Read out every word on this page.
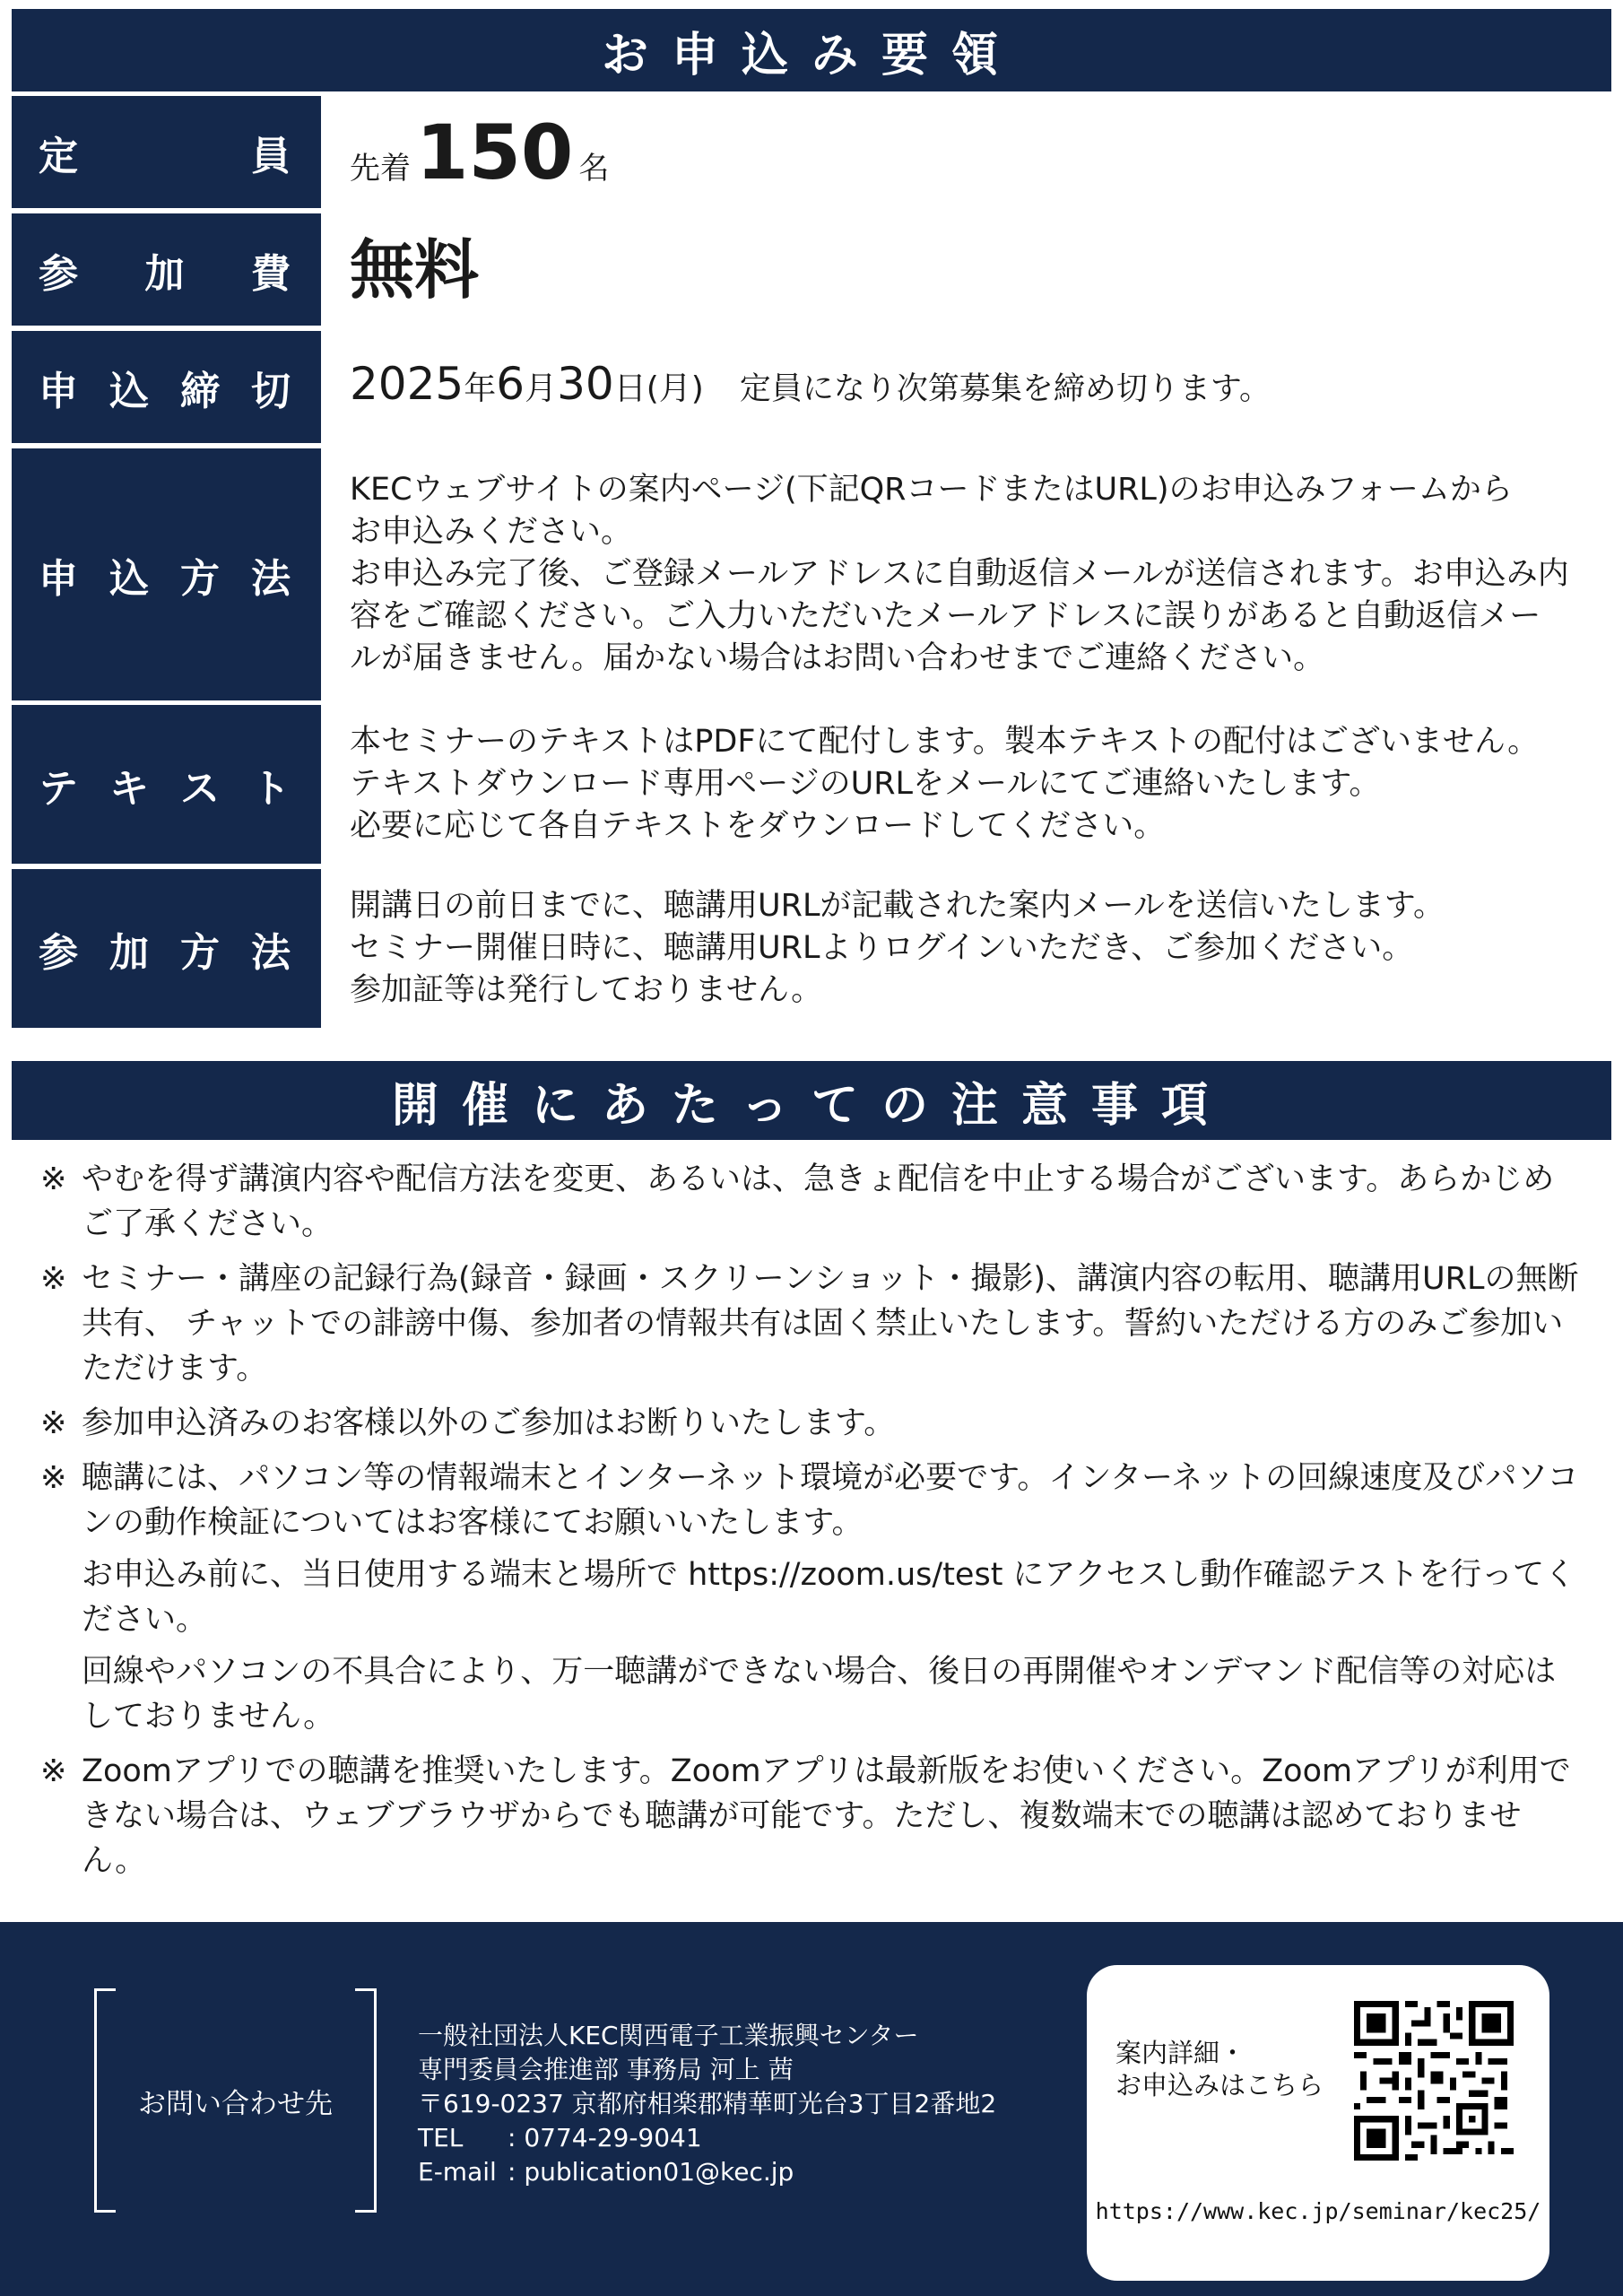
お申込み要領
定	員 先着 150 名
参 加 費 無料
申 込 締 切 2025 年 6 月 30 日(月) 定員になり次第募集を締め切ります。
申 込 方 法
KECウェブサイトの案内ページ(下記QRコードまたはURL)のお申込みフォームから
お申込みください。
お申込み完了後、ご登録メールアドレスに自動返信メールが送信されます。お申込み内
容をご確認ください。ご入力いただいたメールアドレスに誤りがあると自動返信メー
ルが届きません。届かない場合はお問い合わせまでご連絡ください。
テ キ ス ト
本セミナーのテキストはPDFにて配付します。製本テキストの配付はございません。
テキストダウンロード専用ページのURLをメールにてご連絡いたします。
必要に応じて各自テキストをダウンロードしてください。
参 加 方 法
開講日の前日までに、聴講用URLが記載された案内メールを送信いたします。
セミナー開催日時に、聴講用URLよりログインいただき、ご参加ください。
参加証等は発行しておりません。
開催にあたっての注意事項
※ やむを得ず講演内容や配信方法を変更、あるいは、急きょ配信を中止する場合がございます。あらかじめご了承ください。

※ セミナー・講座の記録行為(録音・録画・スクリーンショット・撮影)、講演内容の転用、聴講用URLの無断共有、 チャットでの誹謗中傷、参加者の情報共有は固く禁止いたします。誓約いただける方のみご参加いただけます。

※ 参加申込済みのお客様以外のご参加はお断りいたします。

※ 聴講には、パソコン等の情報端末とインターネット環境が必要です。インターネットの回線速度及びパソコンの動作検証についてはお客様にてお願いいたします。

お申込み前に、当日使用する端末と場所で https://zoom.us/test にアクセスし動作確認テストを行ってください。

回線やパソコンの不具合により、万一聴講ができない場合、後日の再開催やオンデマンド配信等の対応はしておりません。

※ Zoomアプリでの聴講を推奨いたします。Zoomアプリは最新版をお使いください。Zoomアプリが利用できない場合は、ウェブブラウザからでも聴講が可能です。ただし、複数端末での聴講は認めておりません。

お問い合わせ先
一般社団法人KEC関西電子工業振興センター
専門委員会推進部 事務局 河上 茜
〒619-0237 京都府相楽郡精華町光台3丁目2番地2
TEL	: 0774-29-9041
E-mail : publication01@kec.jp
案内詳細・
お申込みはこちら
https://www.kec.jp/seminar/kec25/
